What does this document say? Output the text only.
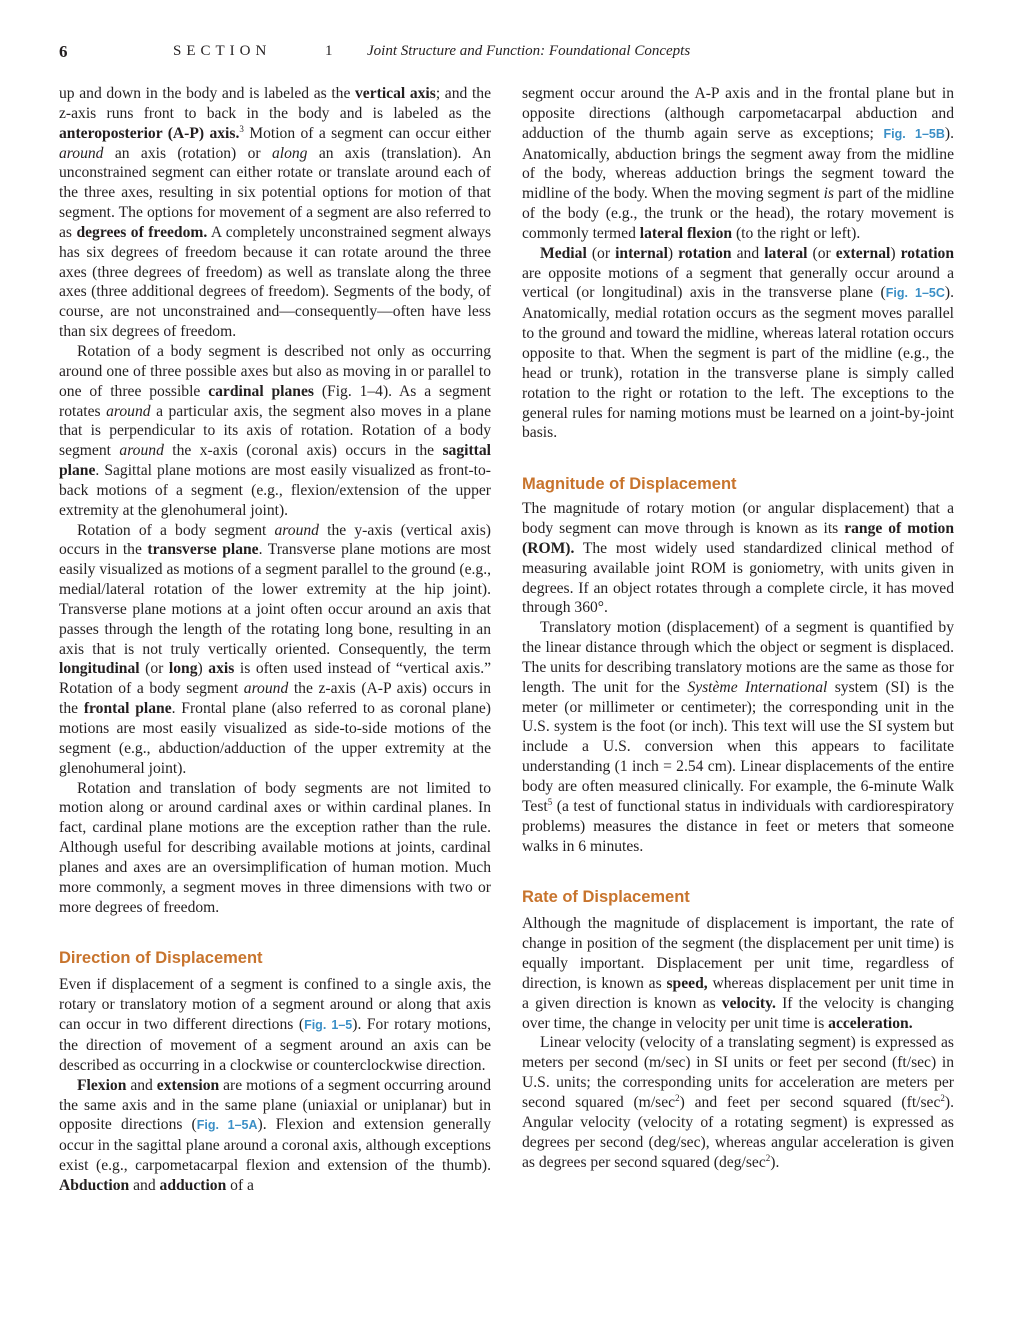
6	SECTION	1 Joint Structure and Function: Foundational Concepts

up and down in the body and is labeled as the vertical axis; and the z-axis runs front to back in the body and is labeled as the anteroposterior (A-P) axis.$^3$ Motion of a segment can occur either around an axis (rotation) or along an axis (translation). An unconstrained segment can either rotate or translate around each of the three axes, resulting in six potential options for motion of that segment. The options for movement of a segment are also referred to as degrees of freedom. A completely unconstrained segment always has six degrees of freedom because it can rotate around the three axes (three degrees of freedom) as well as translate along the three axes (three additional degrees of freedom). Segments of the body, of course, are not unconstrained and—consequently—often have less than six degrees of freedom.

Rotation of a body segment is described not only as occurring around one of three possible axes but also as moving in or parallel to one of three possible cardinal planes (Fig. 1–4). As a segment rotates around a particular axis, the segment also moves in a plane that is perpendicular to its axis of rotation. Rotation of a body segment around the x-axis (coronal axis) occurs in the sagittal plane. Sagittal plane motions are most easily visualized as front-to-back motions of a segment (e.g., flexion/extension of the upper extremity at the glenohumeral joint).

Rotation of a body segment around the y-axis (vertical axis) occurs in the transverse plane. Transverse plane motions are most easily visualized as motions of a segment parallel to the ground (e.g., medial/lateral rotation of the lower extremity at the hip joint). Transverse plane motions at a joint often occur around an axis that passes through the length of the rotating long bone, resulting in an axis that is not truly vertically oriented. Consequently, the term longitudinal (or long) axis is often used instead of “vertical axis.” Rotation of a body segment around the z-axis (A-P axis) occurs in the frontal plane. Frontal plane (also referred to as coronal plane) motions are most easily visualized as side-to-side motions of the segment (e.g., abduction/adduction of the upper extremity at the glenohumeral joint).

Rotation and translation of body segments are not limited to motion along or around cardinal axes or within cardinal planes. In fact, cardinal plane motions are the exception rather than the rule. Although useful for describing available motions at joints, cardinal planes and axes are an oversimplification of human motion. Much more commonly, a segment moves in three dimensions with two or more degrees of freedom.

Direction of Displacement

Even if displacement of a segment is confined to a single axis, the rotary or translatory motion of a segment around or along that axis can occur in two different directions (Fig. 1–5). For rotary motions, the direction of movement of a segment around an axis can be described as occurring in a clockwise or counterclockwise direction.

Flexion and extension are motions of a segment occurring around the same axis and in the same plane (uniaxial or uniplanar) but in opposite directions (Fig. 1–5A). Flexion and extension generally occur in the sagittal plane around a coronal axis, although exceptions exist (e.g., carpometacarpal flexion and extension of the thumb). Abduction and adduction of a

segment occur around the A-P axis and in the frontal plane but in opposite directions (although carpometacarpal abduction and adduction of the thumb again serve as exceptions; Fig. 1–5B). Anatomically, abduction brings the segment away from the midline of the body, whereas adduction brings the segment toward the midline of the body. When the moving segment is part of the midline of the body (e.g., the trunk or the head), the rotary movement is commonly termed lateral flexion (to the right or left).

Medial (or internal) rotation and lateral (or external) rotation are opposite motions of a segment that generally occur around a vertical (or longitudinal) axis in the transverse plane (Fig. 1–5C). Anatomically, medial rotation occurs as the segment moves parallel to the ground and toward the midline, whereas lateral rotation occurs opposite to that. When the segment is part of the midline (e.g., the head or trunk), rotation in the transverse plane is simply called rotation to the right or rotation to the left. The exceptions to the general rules for naming motions must be learned on a joint-by-joint basis.

Magnitude of Displacement

The magnitude of rotary motion (or angular displacement) that a body segment can move through is known as its range of motion (ROM). The most widely used standardized clinical method of measuring available joint ROM is goniometry, with units given in degrees. If an object rotates through a complete circle, it has moved through 360°.

Translatory motion (displacement) of a segment is quantified by the linear distance through which the object or segment is displaced. The units for describing translatory motions are the same as those for length. The unit for the Système International system (SI) is the meter (or millimeter or centimeter); the corresponding unit in the U.S. system is the foot (or inch). This text will use the SI system but include a U.S. conversion when this appears to facilitate understanding (1 inch = 2.54 cm). Linear displacements of the entire body are often measured clinically. For example, the 6-minute Walk Test$^5$ (a test of functional status in individuals with cardiorespiratory problems) measures the distance in feet or meters that someone walks in 6 minutes.

Rate of Displacement

Although the magnitude of displacement is important, the rate of change in position of the segment (the displacement per unit time) is equally important. Displacement per unit time, regardless of direction, is known as speed, whereas displacement per unit time in a given direction is known as velocity. If the velocity is changing over time, the change in velocity per unit time is acceleration.

Linear velocity (velocity of a translating segment) is expressed as meters per second (m/sec) in SI units or feet per second (ft/sec) in U.S. units; the corresponding units for acceleration are meters per second squared $(m/\sec^2)$ and feet per second squared $(ft/\sec^2)$. Angular velocity (velocity of a rotating segment) is expressed as degrees per second (deg/sec), whereas angular acceleration is given as degrees per second squared $(deg/\sec^2)$.
